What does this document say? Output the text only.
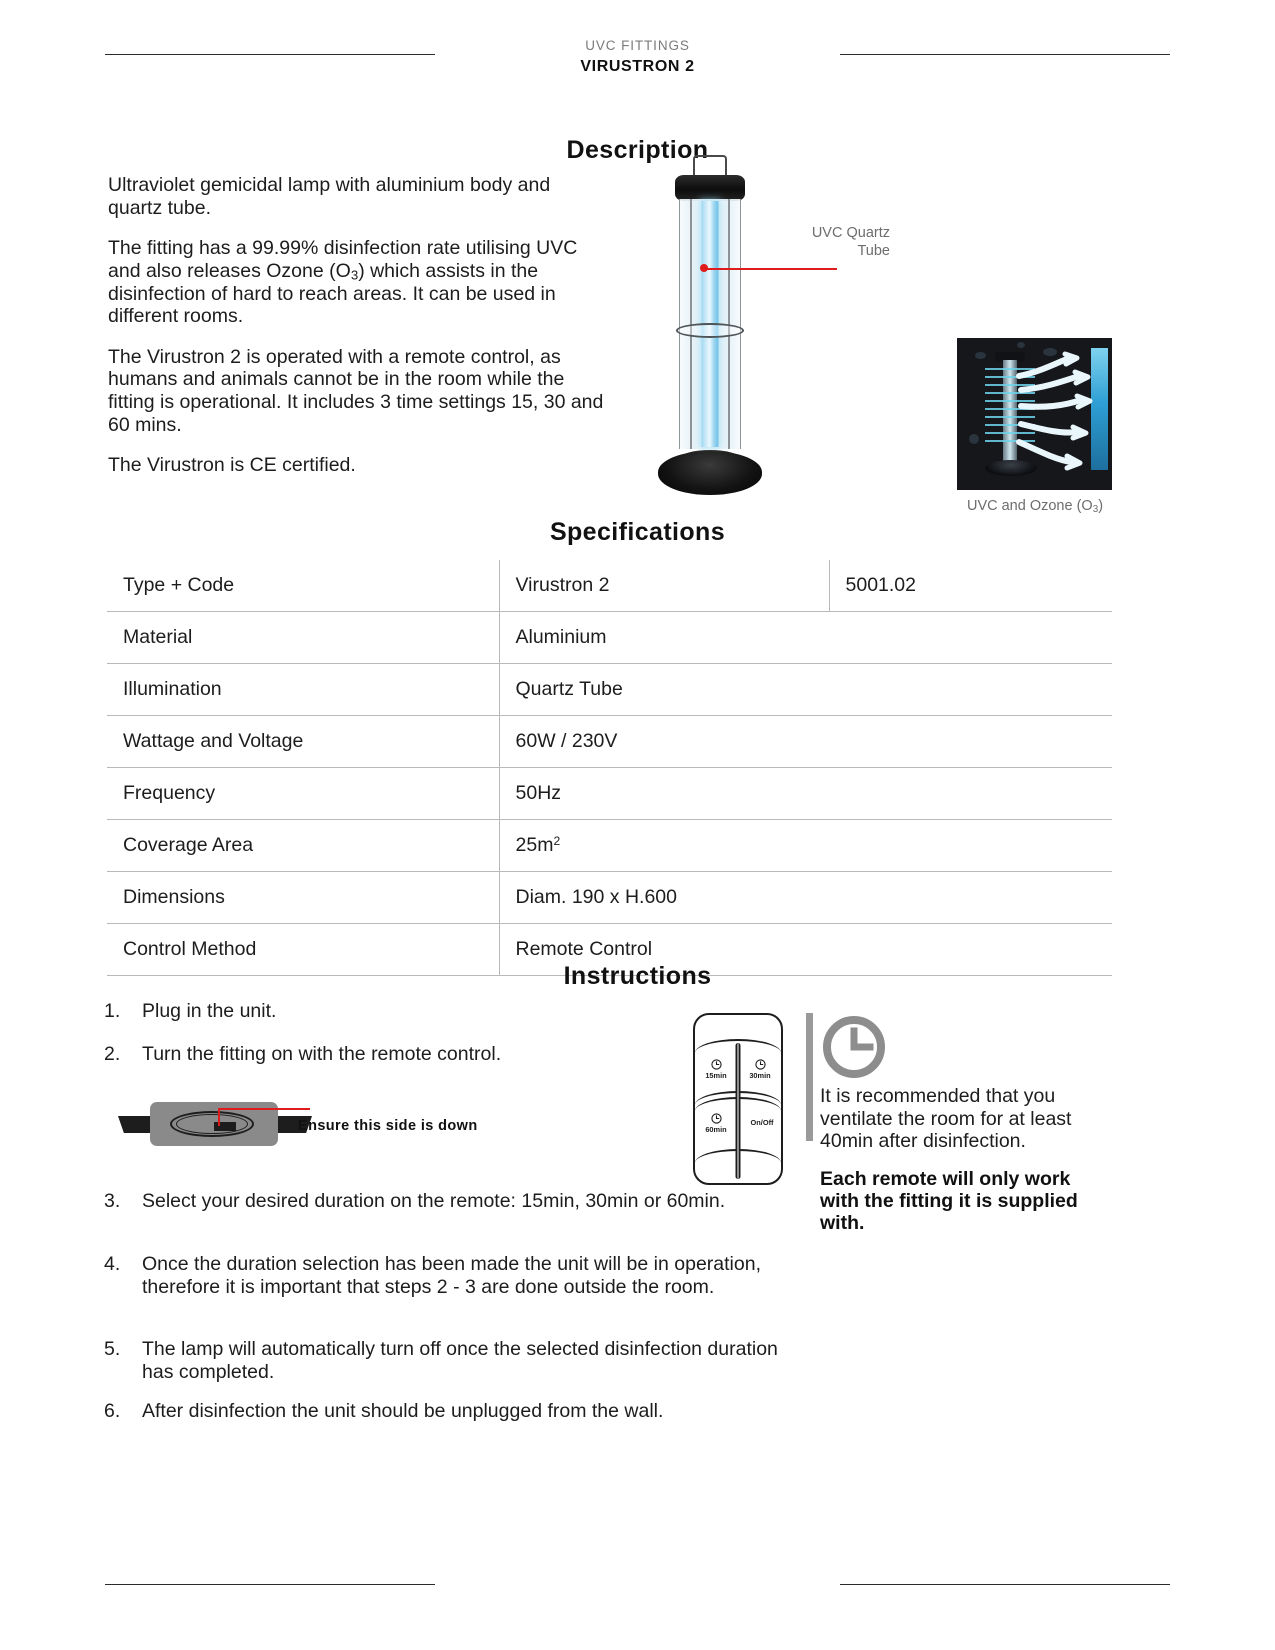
UVC FITTINGS
VIRUSTRON 2
Description

Ultraviolet gemicidal lamp with aluminium body and quartz tube.

The fitting has a 99.99% disinfection rate utilising UVC and also releases Ozone $(O_3)$ which assists in the disinfection of hard to reach areas. It can be used in different rooms.

The Virustron 2 is operated with a remote control, as humans and animals cannot be in the room while the fitting is operational. It includes 3 time settings 15, 30 and 60 mins.

The Virustron is CE certified.

UVC Quartz
Tube
UVC and Ozone $(O_3)$
Specifications
Type + Code	Virustron 2	5001.02
Material	Aluminium	
Illumination	Quartz Tube	
Wattage and Voltage	60W / 230V	
Frequency	50Hz	
Coverage Area	$25m^2$
Dimensions	Diam. 190 x H.600	
Control Method	Remote Control	
Instructions
1.	Plug in the unit.
2.	Turn the fitting on with the remote control.
Ensure this side is down
15min	30min
60min
On/Off
It is recommended that you ventilate the room for at least 40min after disinfection.
Each remote will only work with the fitting it is supplied with.
3.	Select your desired duration on the remote: 15min, 30min or 60min.
4.	Once the duration selection has been made the unit will be in operation, therefore it is important that steps 2 - 3 are done outside the room.
5.	The lamp will automatically turn off once the selected disinfection duration has completed.
6.	After disinfection the unit should be unplugged from the wall.
